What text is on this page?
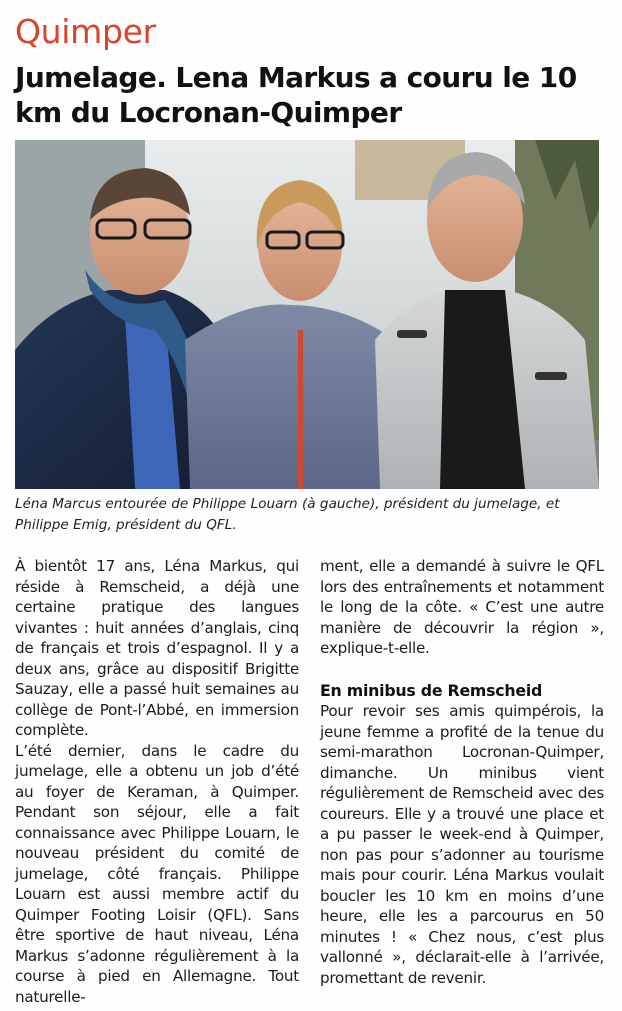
Quimper
Jumelage. Lena Markus a couru le 10 km du Locronan-Quimper

Léna Marcus entourée de Philippe Louarn (à gauche), président du jumelage, et Philippe Emig, président du QFL.

À bientôt 17 ans, Léna Markus, qui réside à Remscheid, a déjà une certaine pratique des langues vivantes : huit années d’anglais, cinq de français et trois d’espagnol. Il y a deux ans, grâce au dispositif Brigitte Sauzay, elle a passé huit semaines au collège de Pont-l’Abbé, en immersion complète.

L’été dernier, dans le cadre du jumelage, elle a obtenu un job d’été au foyer de Keraman, à Quimper. Pendant son séjour, elle a fait connaissance avec Philippe Louarn, le nouveau président du comité de jumelage, côté français. Philippe Louarn est aussi membre actif du Quimper Footing Loisir (QFL). Sans être sportive de haut niveau, Léna Markus s’adonne régulièrement à la course à pied en Allemagne. Tout naturelle-

ment, elle a demandé à suivre le QFL lors des entraînements et notamment le long de la côte. « C’est une autre manière de découvrir la région », explique-t-elle.

En minibus de Remscheid

Pour revoir ses amis quimpérois, la jeune femme a profité de la tenue du semi-marathon Locronan-Quimper, dimanche. Un minibus vient régulièrement de Remscheid avec des coureurs. Elle y a trouvé une place et a pu passer le week-end à Quimper, non pas pour s’adonner au tourisme mais pour courir. Léna Markus voulait boucler les 10 km en moins d’une heure, elle les a parcourus en 50 minutes ! « Chez nous, c’est plus vallonné », déclarait-elle à l’arrivée, promettant de revenir.
